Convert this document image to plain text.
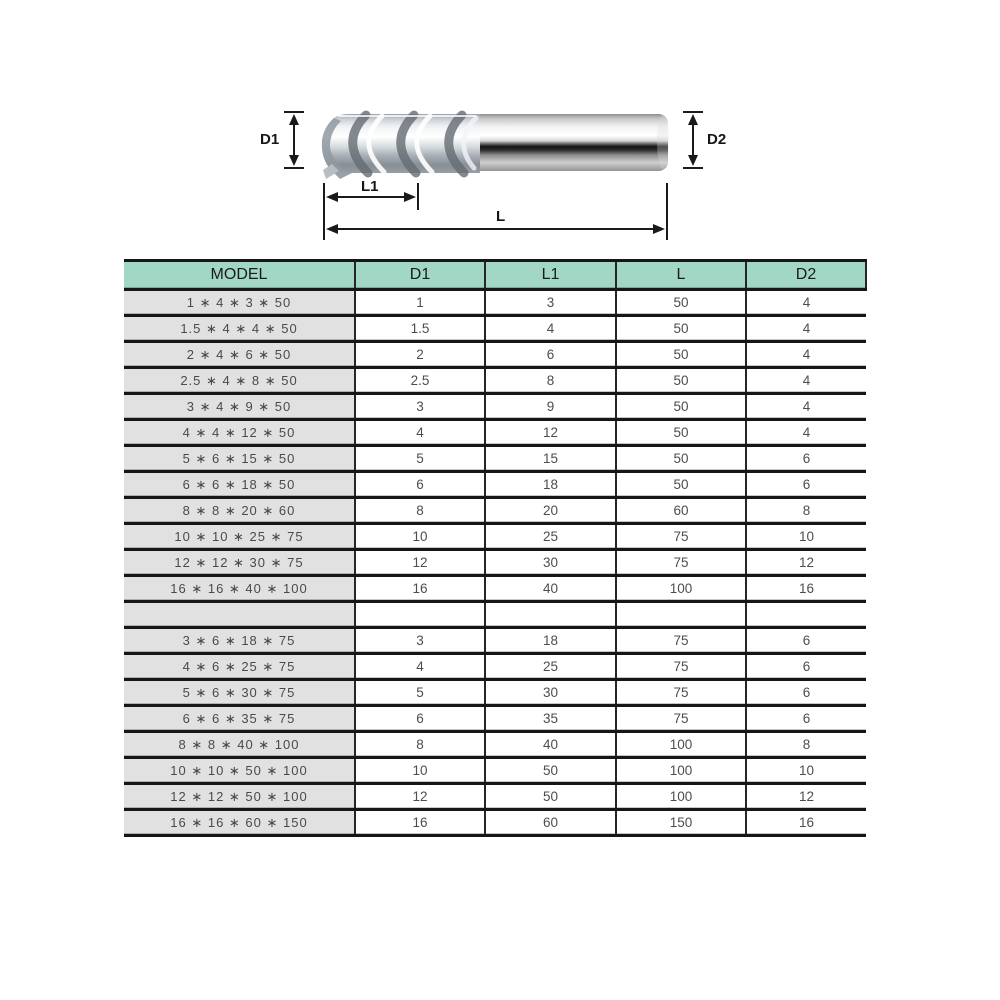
D1	D2
L1
L
MODEL	D1	L1	L	D2
1 ∗ 4 ∗ 3 ∗ 50	1	3	50	4
1.5 ∗ 4 ∗ 4 ∗ 50	1.5	4	50	4
2 ∗ 4 ∗ 6 ∗ 50	2	6	50	4
2.5 ∗ 4 ∗ 8 ∗ 50	2.5	8	50	4
3 ∗ 4 ∗ 9 ∗ 50	3	9	50	4
4 ∗ 4 ∗ 12 ∗ 50	4	12	50	4
5 ∗ 6 ∗ 15 ∗ 50	5	15	50	6
6 ∗ 6 ∗ 18 ∗ 50	6	18	50	6
8 ∗ 8 ∗ 20 ∗ 60	8	20	60	8
10 ∗ 10 ∗ 25 ∗ 75	10	25	75	10
12 ∗ 12 ∗ 30 ∗ 75	12	30	75	12
16 ∗ 16 ∗ 40 ∗ 100	16	40	100	16

3 ∗ 6 ∗ 18 ∗ 75	3	18	75	6
4 ∗ 6 ∗ 25 ∗ 75	4	25	75	6
5 ∗ 6 ∗ 30 ∗ 75	5	30	75	6
6 ∗ 6 ∗ 35 ∗ 75	6	35	75	6
8 ∗ 8 ∗ 40 ∗ 100	8	40	100	8
10 ∗ 10 ∗ 50 ∗ 100	10	50	100	10
12 ∗ 12 ∗ 50 ∗ 100	12	50	100	12
16 ∗ 16 ∗ 60 ∗ 150	16	60	150	16
